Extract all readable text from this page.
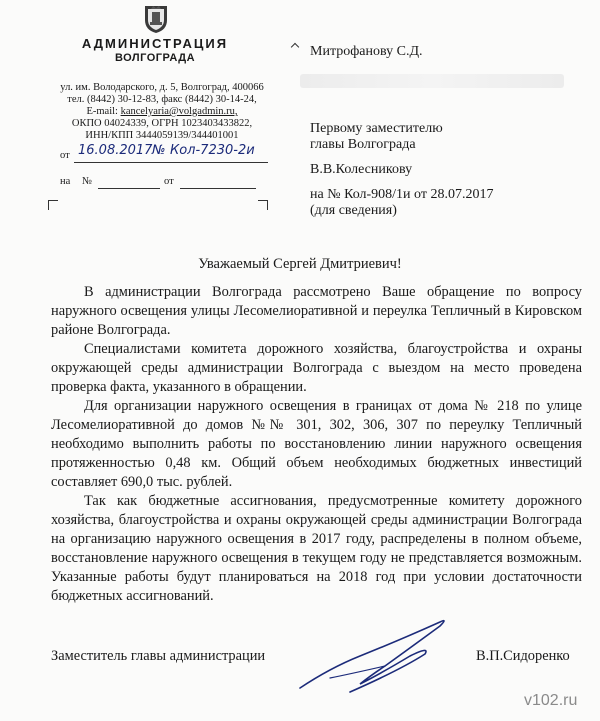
АДМИНИСТРАЦИЯ
ВОЛГОГРАДА
ул. им. Володарского, д. 5, Волгоград, 400066
тел. (8442) 30-12-83, факс (8442) 30-14-24,
E-mail: kancelyaria@volgadmin.ru,
ОКПО 04024339, ОГРН 1023403433822,
ИНН/КПП 3444059139/344401001
от 16.08.2017 № Кол-7230-2и
на №	от
Митрофанову С.Д.
Первому заместителю
главы Волгограда
В.В.Колесникову
на № Кол-908/1и от 28.07.2017
(для сведения)
Уважаемый Сергей Дмитриевич!

В администрации Волгограда рассмотрено Ваше обращение по вопросу наружного освещения улицы Лесомелиоративной и переулка Тепличный в Кировском районе Волгограда.

Специалистами комитета дорожного хозяйства, благоустройства и охраны окружающей среды администрации Волгограда с выездом на место проведена проверка факта, указанного в обращении.

Для организации наружного освещения в границах от дома № 218 по улице Лесомелиоративной до домов №№ 301, 302, 306, 307 по переулку Тепличный необходимо выполнить работы по восстановлению линии наружного освещения протяженностью 0,48 км. Общий объем необходимых бюджетных инвестиций составляет 690,0 тыс. рублей.

Так как бюджетные ассигнования, предусмотренные комитету дорожного хозяйства, благоустройства и охраны окружающей среды администрации Волгограда на организацию наружного освещения в 2017 году, распределены в полном объеме, восстановление наружного освещения в текущем году не представляется возможным. Указанные работы будут планироваться на 2018 год при условии достаточности бюджетных ассигнований.

Заместитель главы администрации	В.П.Сидоренко
v102.ru
